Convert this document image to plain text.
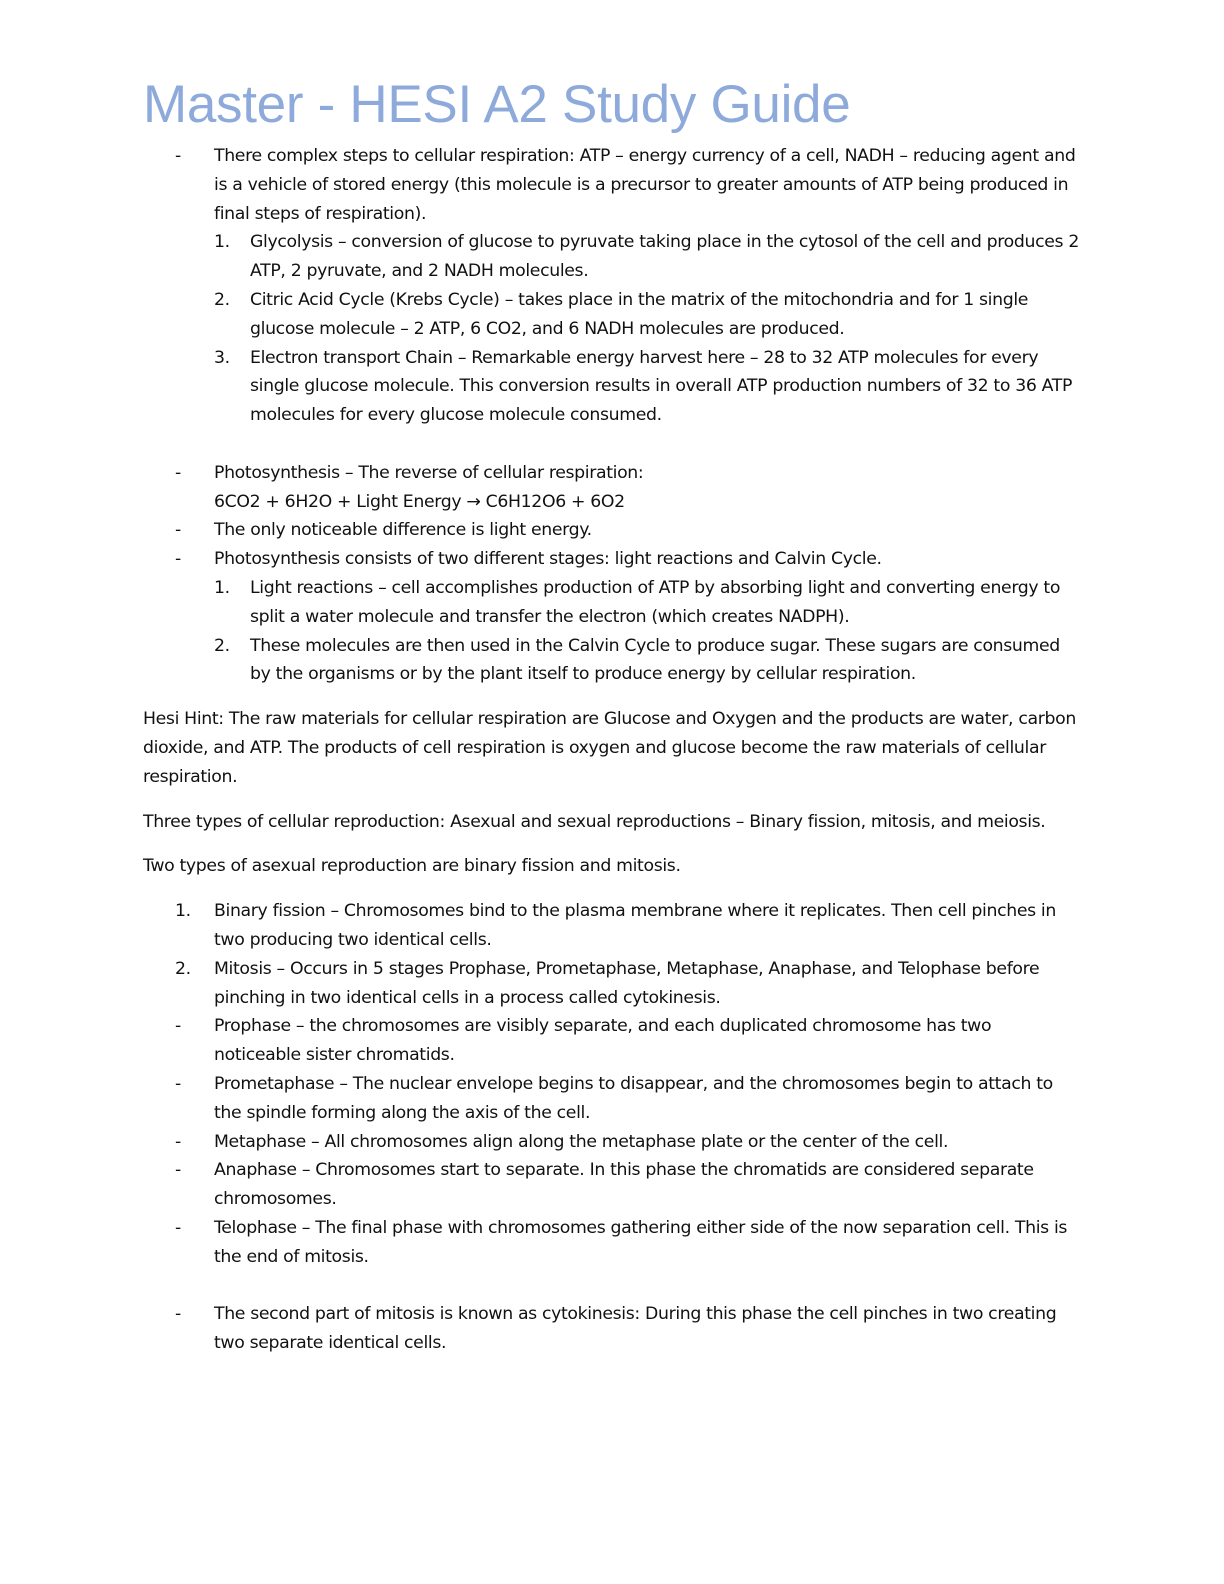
Master - HESI A2 Study Guide
- There complex steps to cellular respiration: ATP – energy currency of a cell, NADH – reducing agent and is a vehicle of stored energy (this molecule is a precursor to greater amounts of ATP being produced in final steps of respiration).
1. Glycolysis – conversion of glucose to pyruvate taking place in the cytosol of the cell and produces 2 ATP, 2 pyruvate, and 2 NADH molecules.
2. Citric Acid Cycle (Krebs Cycle) – takes place in the matrix of the mitochondria and for 1 single glucose molecule – 2 ATP, 6 CO2, and 6 NADH molecules are produced.
3. Electron transport Chain – Remarkable energy harvest here – 28 to 32 ATP molecules for every single glucose molecule. This conversion results in overall ATP production numbers of 32 to 36 ATP molecules for every glucose molecule consumed.
- Photosynthesis – The reverse of cellular respiration:
6CO2 + 6H2O + Light Energy → C6H12O6 + 6O2
- The only noticeable difference is light energy.
- Photosynthesis consists of two different stages: light reactions and Calvin Cycle.
1. Light reactions – cell accomplishes production of ATP by absorbing light and converting energy to split a water molecule and transfer the electron (which creates NADPH).
2. These molecules are then used in the Calvin Cycle to produce sugar. These sugars are consumed by the organisms or by the plant itself to produce energy by cellular respiration.
Hesi Hint: The raw materials for cellular respiration are Glucose and Oxygen and the products are water, carbon dioxide, and ATP. The products of cell respiration is oxygen and glucose become the raw materials of cellular respiration.
Three types of cellular reproduction: Asexual and sexual reproductions – Binary fission, mitosis, and meiosis.
Two types of asexual reproduction are binary fission and mitosis.
1. Binary fission – Chromosomes bind to the plasma membrane where it replicates. Then cell pinches in two producing two identical cells.
2. Mitosis – Occurs in 5 stages Prophase, Prometaphase, Metaphase, Anaphase, and Telophase before pinching in two identical cells in a process called cytokinesis.
- Prophase – the chromosomes are visibly separate, and each duplicated chromosome has two noticeable sister chromatids.
- Prometaphase – The nuclear envelope begins to disappear, and the chromosomes begin to attach to the spindle forming along the axis of the cell.
- Metaphase – All chromosomes align along the metaphase plate or the center of the cell.
- Anaphase – Chromosomes start to separate. In this phase the chromatids are considered separate chromosomes.
- Telophase – The final phase with chromosomes gathering either side of the now separation cell. This is the end of mitosis.
- The second part of mitosis is known as cytokinesis: During this phase the cell pinches in two creating two separate identical cells.
